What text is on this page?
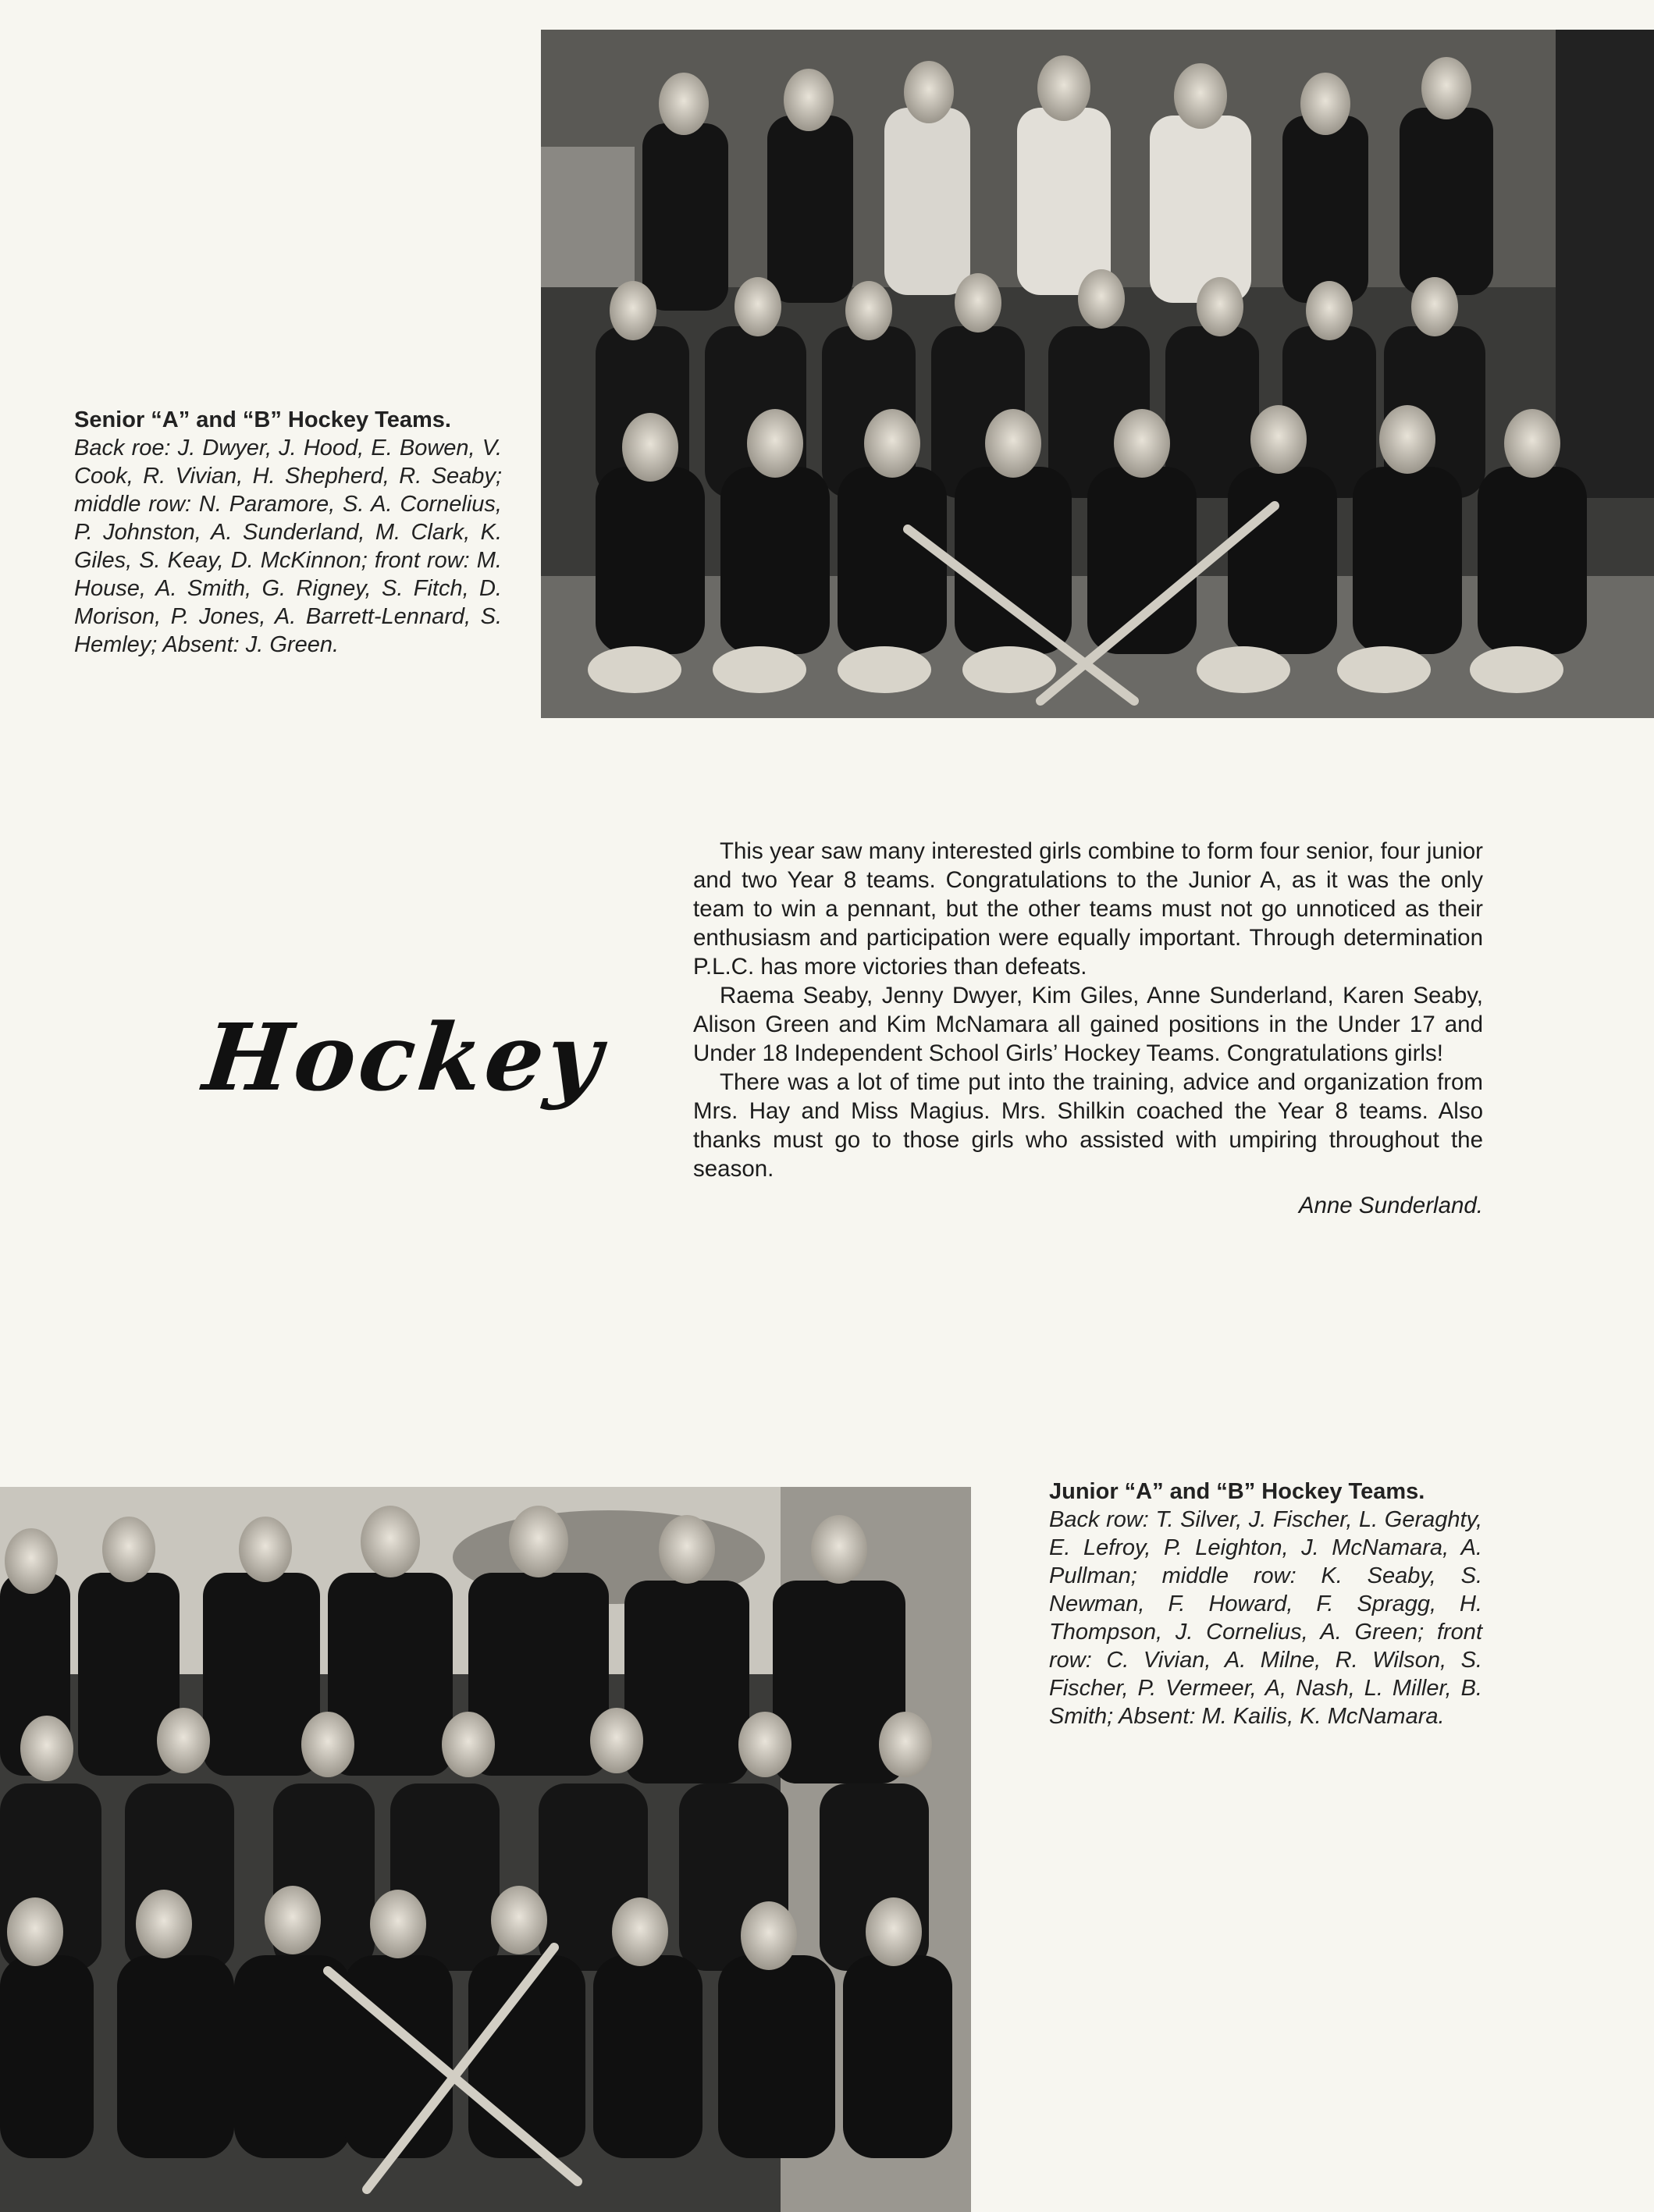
Senior “A” and “B” Hockey Teams.
Back roe: J. Dwyer, J. Hood, E. Bowen, V. Cook, R. Vivian, H. Shepherd, R. Seaby; middle row: N. Paramore, S. A. Cornelius, P. Johnston, A. Sunderland, M. Clark, K. Giles, S. Keay, D. McKinnon; front row: M. House, A. Smith, G. Rigney, S. Fitch, D. Morison, P. Jones, A. Barrett-Lennard, S. Hemley; Absent: J. Green.
Hockey

This year saw many interested girls combine to form four senior, four junior and two Year 8 teams. Congratulations to the Junior A, as it was the only team to win a pennant, but the other teams must not go unnoticed as their enthusiasm and participation were equally important. Through determination P.L.C. has more victories than defeats.

Raema Seaby, Jenny Dwyer, Kim Giles, Anne Sunderland, Karen Seaby, Alison Green and Kim McNamara all gained positions in the Under 17 and Under 18 Independent School Girls’ Hockey Teams. Congratulations girls!

There was a lot of time put into the training, advice and organization from Mrs. Hay and Miss Magius. Mrs. Shilkin coached the Year 8 teams. Also thanks must go to those girls who assisted with umpiring throughout the season.

Anne Sunderland.

Junior “A” and “B” Hockey Teams.
Back row: T. Silver, J. Fischer, L. Geraghty, E. Lefroy, P. Leighton, J. McNamara, A. Pullman; middle row: K. Seaby, S. Newman, F. Howard, F. Spragg, H. Thompson, J. Cornelius, A. Green; front row: C. Vivian, A. Milne, R. Wilson, S. Fischer, P. Vermeer, A, Nash, L. Miller, B. Smith; Absent: M. Kailis, K. McNamara.
